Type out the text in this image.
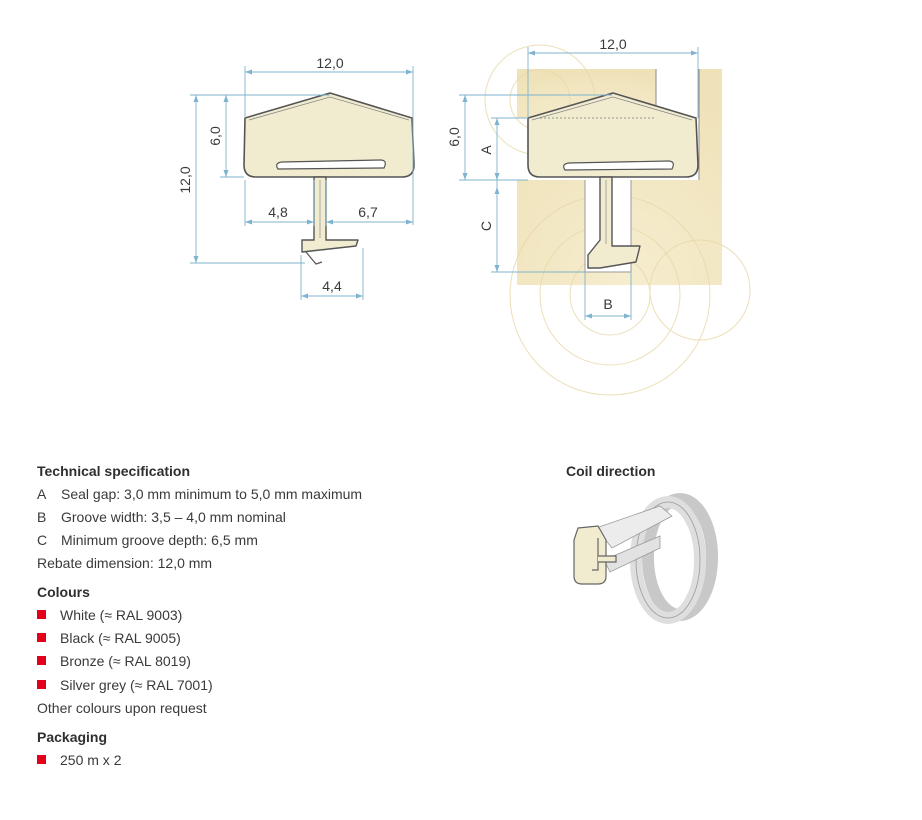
12,0
12,0
6,0
4,8	6,7
4,4
12,0
6,0
A
C
B
Technical specification
A Seal gap: 3,0 mm minimum to 5,0 mm maximum
B Groove width: 3,5 – 4,0 mm nominal
C Minimum groove depth: 6,5 mm
Rebate dimension: 12,0 mm
Colours
White (≈ RAL 9003)
Black (≈ RAL 9005)
Bronze (≈ RAL 8019)
Silver grey (≈ RAL 7001)
Other colours upon request
Packaging
250 m x 2
Coil direction
